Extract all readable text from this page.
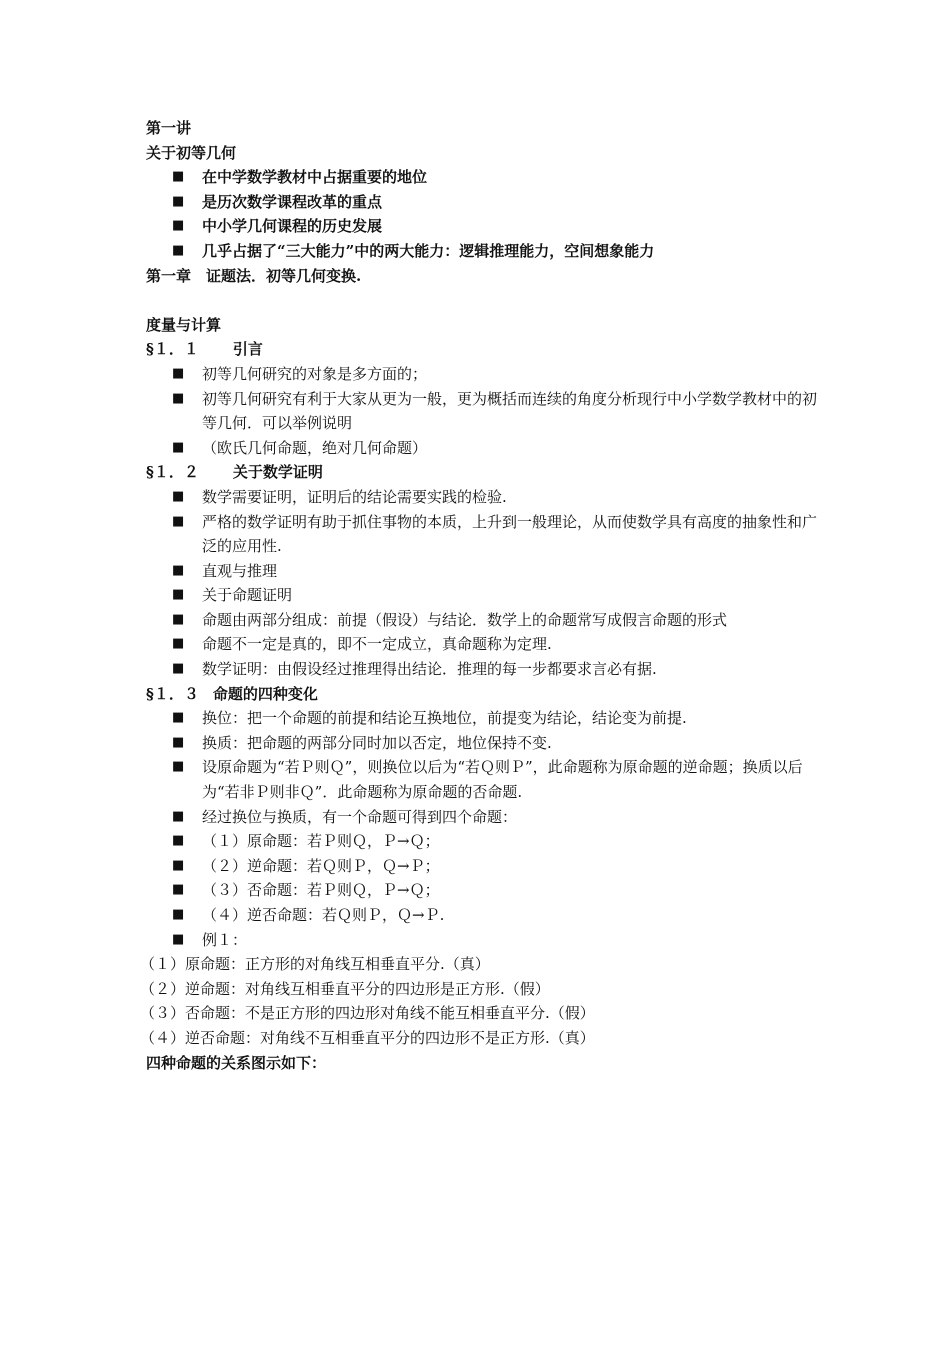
第一讲
关于初等几何
■ 在中学数学教材中占据重要的地位
■ 是历次数学课程改革的重点
■ 中小学几何课程的历史发展
■ 几乎占据了“三大能力”中的两大能力：逻辑推理能力，空间想象能力
第一章　证题法．初等几何变换.
度量与计算
§１．１ 引言
■ 初等几何研究的对象是多方面的；
■ 初等几何研究有利于大家从更为一般，更为概括而连续的角度分析现行中小学数学教材中的初等几何．可以举例说明
■ （欧氏几何命题，绝对几何命题）
§１．２ 关于数学证明
■ 数学需要证明，证明后的结论需要实践的检验.
■ 严格的数学证明有助于抓住事物的本质，上升到一般理论，从而使数学具有高度的抽象性和广泛的应用性.
■ 直观与推理
■ 关于命题证明
■ 命题由两部分组成：前提（假设）与结论．数学上的命题常写成假言命题的形式
■ 命题不一定是真的，即不一定成立，真命题称为定理.
■ 数学证明：由假设经过推理得出结论．推理的每一步都要求言必有据.
§１．３ 命题的四种变化
■ 换位：把一个命题的前提和结论互换地位，前提变为结论，结论变为前提.
■ 换质：把命题的两部分同时加以否定，地位保持不变.
■ 设原命题为“若Ｐ则Ｑ”，则换位以后为“若Ｑ则Ｐ”，此命题称为原命题的逆命题；换质以后为“若非Ｐ则非Ｑ”．此命题称为原命题的否命题.
■ 经过换位与换质，有一个命题可得到四个命题：
■ （１）原命题：若Ｐ则Ｑ，Ｐ→Ｑ；
■ （２）逆命题：若Ｑ则Ｐ，Ｑ→Ｐ；
■ （３）否命题：若Ｐ则Ｑ，Ｐ→Ｑ；
■ （４）逆否命题：若Ｑ则Ｐ，Ｑ→Ｐ.
■ 例１：
（１）原命题：正方形的对角线互相垂直平分.（真）
（２）逆命题：对角线互相垂直平分的四边形是正方形.（假）
（３）否命题：不是正方形的四边形对角线不能互相垂直平分.（假）
（４）逆否命题：对角线不互相垂直平分的四边形不是正方形.（真）
四种命题的关系图示如下：
